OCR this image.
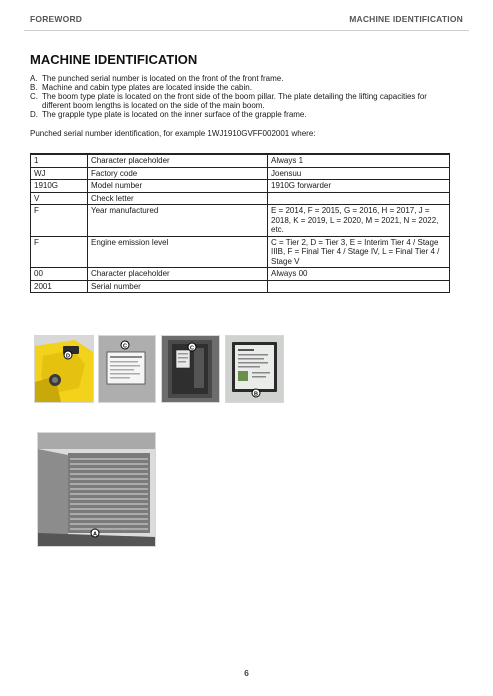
FOREWORD	MACHINE IDENTIFICATION
MACHINE IDENTIFICATION
A. The punched serial number is located on the front of the front frame.
B. Machine and cabin type plates are located inside the cabin.
C. The boom type plate is located on the front side of the boom pillar. The plate detailing the lifting capacities for different boom lengths is located on the side of the main boom.
D. The grapple type plate is located on the inner surface of the grapple frame.
Punched serial number identification, for example 1WJ1910GVFF002001 where:
1	Character placeholder	Always 1
WJ	Factory code	Joensuu
1910G	Model number	1910G forwarder
V	Check letter	
F	Year manufactured	E = 2014, F = 2015, G = 2016, H = 2017, J = 2018, K = 2019, L = 2020, M = 2021, N = 2022, etc.
F	Engine emission level	C = Tier 2, D = Tier 3, E = Interim Tier 4 / Stage IIIB, F = Final Tier 4 / Stage IV, L = Final Tier 4 / Stage V
00	Character placeholder	Always 00
2001	Serial number	
D
C	C
B
A
6
